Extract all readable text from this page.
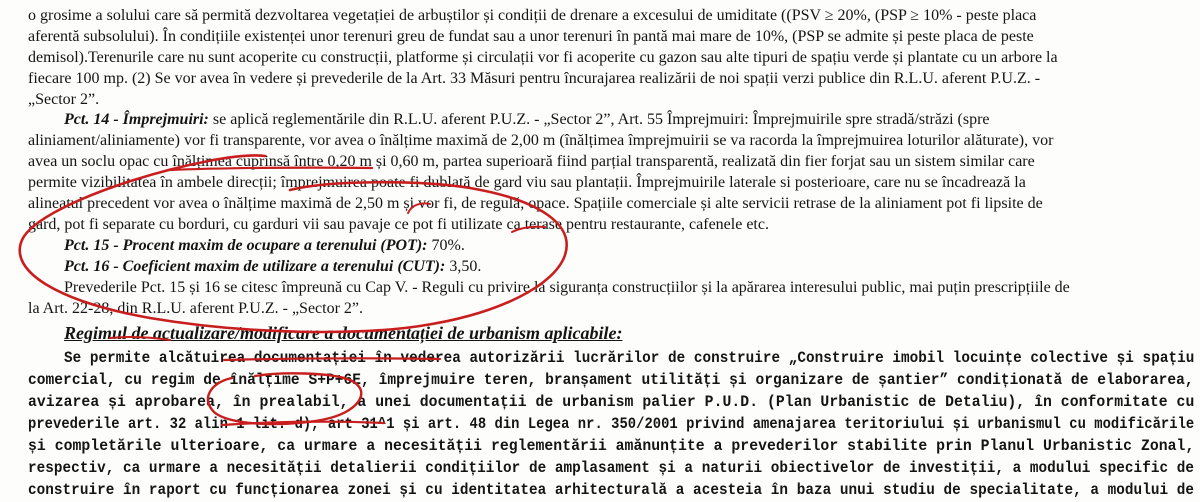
o grosime a solului care să permită dezvoltarea vegetației de arbuștilor și condiții de drenare a excesului de umiditate ((PSV ≥ 20%, (PSP ≥ 10% - peste placa
aferentă subsolului). În condițiile existenței unor terenuri greu de fundat sau a unor terenuri în pantă mai mare de 10%, (PSP se admite și peste placa de peste
demisol).Terenurile care nu sunt acoperite cu construcții, platforme și circulații vor fi acoperite cu gazon sau alte tipuri de spațiu verde și plantate cu un arbore la
fiecare 100 mp. (2) Se vor avea în vedere și prevederile de la Art. 33 Măsuri pentru încurajarea realizării de noi spații verzi publice din R.L.U. aferent P.U.Z. -
„Sector 2”.
Pct. 14 - Împrejmuiri: se aplică reglementările din R.L.U. aferent P.U.Z. - „Sector 2”, Art. 55 Împrejmuiri: Împrejmuirile spre stradă/străzi (spre
aliniament/aliniamente) vor fi transparente, vor avea o înălțime maximă de 2,00 m (înălțimea împrejmuirii se va racorda la împrejmuirea loturilor alăturate), vor
avea un soclu opac cu înălțimea cuprinsă între 0,20 m și 0,60 m, partea superioară fiind parțial transparentă, realizată din fier forjat sau un sistem similar care
permite vizibilitatea în ambele direcții; împrejmuirea poate fi dublată de gard viu sau plantații. Împrejmuirile laterale si posterioare, care nu se încadrează la
alineatul precedent vor avea o înălțime maximă de 2,50 m și vor fi, de regulă, opace. Spațiile comerciale și alte servicii retrase de la aliniament pot fi lipsite de
gard, pot fi separate cu borduri, cu garduri vii sau pavaje ce pot fi utilizate ca terase pentru restaurante, cafenele etc.
Pct. 15 - Procent maxim de ocupare a terenului (POT): 70%.
Pct. 16 - Coeficient maxim de utilizare a terenului (CUT): 3,50.
Prevederile Pct. 15 și 16 se citesc împreună cu Cap V. - Reguli cu privire la siguranța construcțiilor și la apărarea interesului public, mai puțin prescripțiile de
la Art. 22-28, din R.L.U. aferent P.U.Z. - „Sector 2”.
Regimul de actualizare/modificare a documentației de urbanism aplicabile:
Se permite alcătuirea documentației în vederea autorizării lucrărilor de construire „Construire imobil locuințe colective și spațiu
comercial, cu regim de înălțime S+P+6E, împrejmuire teren, branșament utilități și organizare de șantier” condiționată de elaborarea,
avizarea și aprobarea, în prealabil, a unei documentații de urbanism palier P.U.D. (Plan Urbanistic de Detaliu), în conformitate cu
prevederile art. 32 alin 1 lit. d), art 31^1 și art. 48 din Legea nr. 350/2001 privind amenajarea teritoriului și urbanismul cu modificările
și completările ulterioare, ca urmare a necesității reglementării amănunțite a prevederilor stabilite prin Planul Urbanistic Zonal,
respectiv, ca urmare a necesității detalierii condițiilor de amplasament și a naturii obiectivelor de investiții, a modului specific de
construire în raport cu funcționarea zonei și cu identitatea arhitecturală a acesteia în baza unui studiu de specialitate, a modului de
